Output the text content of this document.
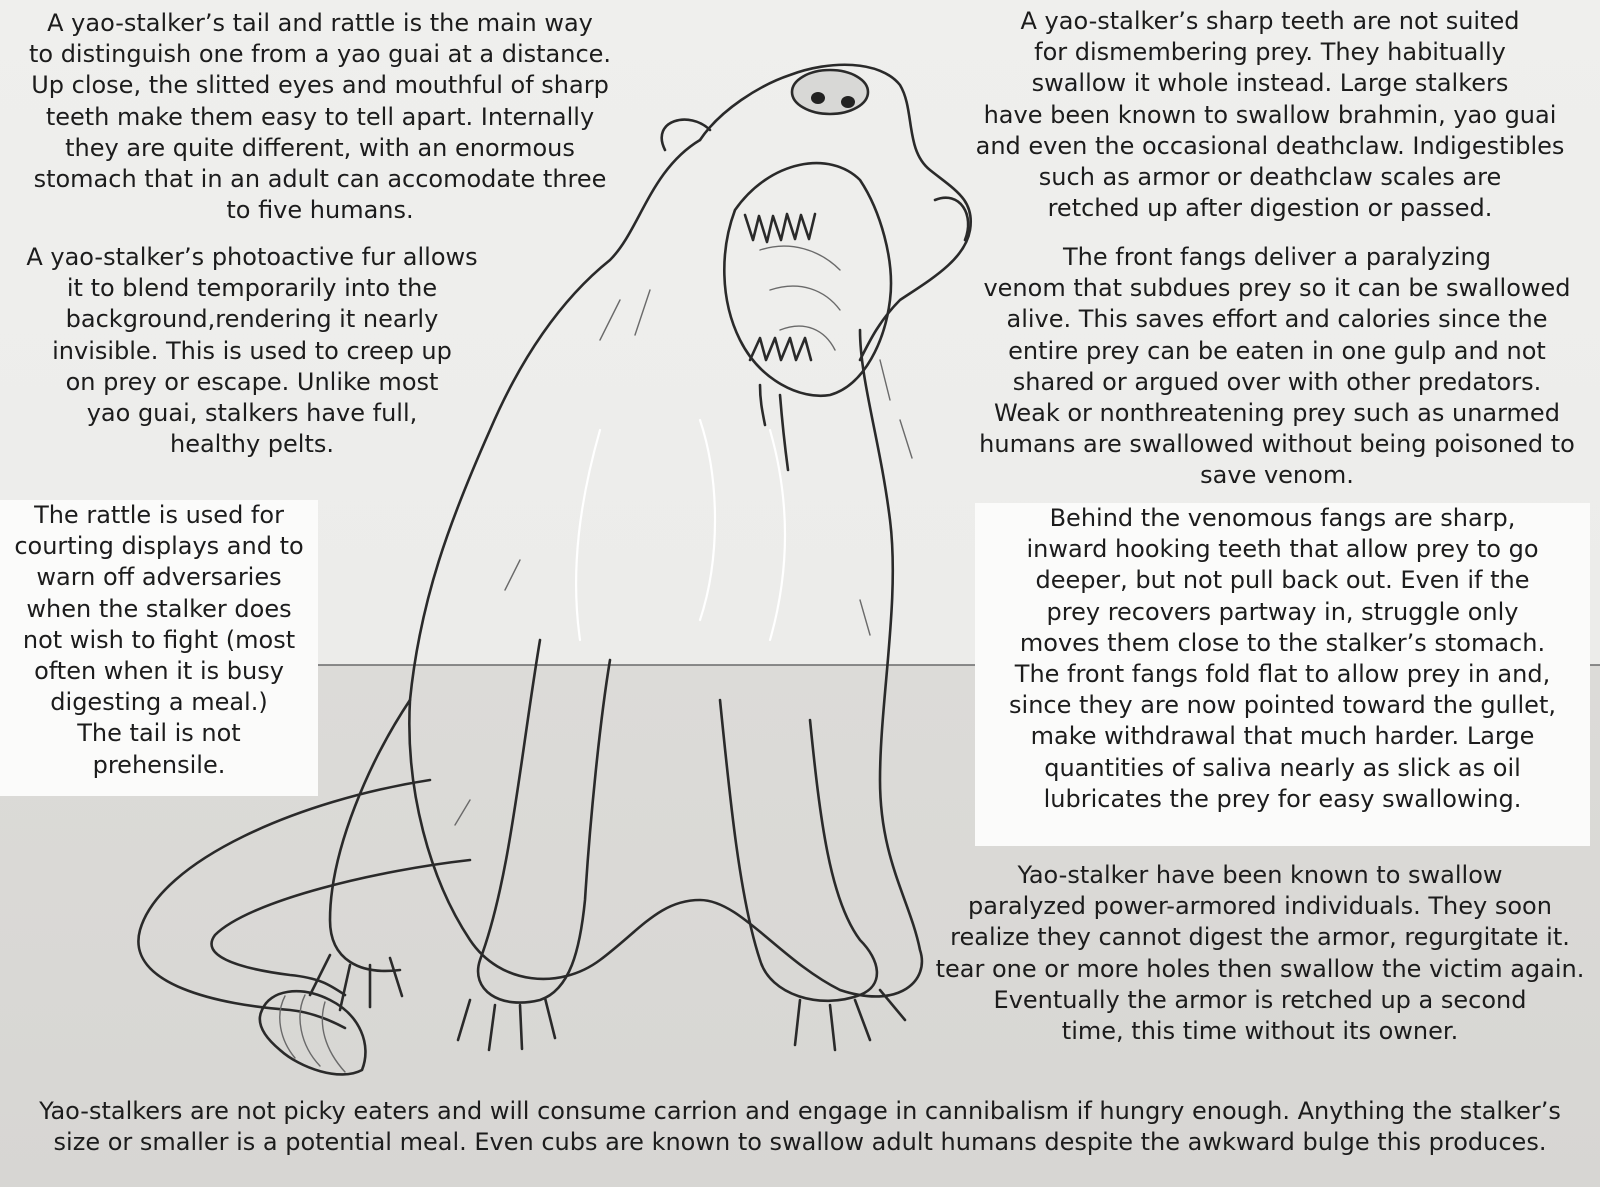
A yao-stalker’s tail and rattle is the main way
to distinguish one from a yao guai at a distance.
Up close, the slitted eyes and mouthful of sharp
teeth make them easy to tell apart. Internally
they are quite different, with an enormous
stomach that in an adult can accomodate three
to five humans.
A yao-stalker’s photoactive fur allows
it to blend temporarily into the
background,rendering it nearly
invisible. This is used to creep up
on prey or escape. Unlike most
yao guai, stalkers have full,
healthy pelts.
The rattle is used for
courting displays and to
warn off adversaries
when the stalker does
not wish to fight (most
often when it is busy
digesting a meal.)
The tail is not
prehensile.
A yao-stalker’s sharp teeth are not suited
for dismembering prey. They habitually
swallow it whole instead. Large stalkers
have been known to swallow brahmin, yao guai
and even the occasional deathclaw. Indigestibles
such as armor or deathclaw scales are
retched up after digestion or passed.
The front fangs deliver a paralyzing
venom that subdues prey so it can be swallowed
alive. This saves effort and calories since the
entire prey can be eaten in one gulp and not
shared or argued over with other predators.
Weak or nonthreatening prey such as unarmed
humans are swallowed without being poisoned to
save venom.
Behind the venomous fangs are sharp,
inward hooking teeth that allow prey to go
deeper, but not pull back out. Even if the
prey recovers partway in, struggle only
moves them close to the stalker’s stomach.
The front fangs fold flat to allow prey in and,
since they are now pointed toward the gullet,
make withdrawal that much harder. Large
quantities of saliva nearly as slick as oil
lubricates the prey for easy swallowing.
Yao-stalker have been known to swallow
paralyzed power-armored individuals. They soon
realize they cannot digest the armor, regurgitate it.
tear one or more holes then swallow the victim again.
Eventually the armor is retched up a second
time, this time without its owner.
Yao-stalkers are not picky eaters and will consume carrion and engage in cannibalism if hungry enough. Anything the stalker’s
size or smaller is a potential meal. Even cubs are known to swallow adult humans despite the awkward bulge this produces.
